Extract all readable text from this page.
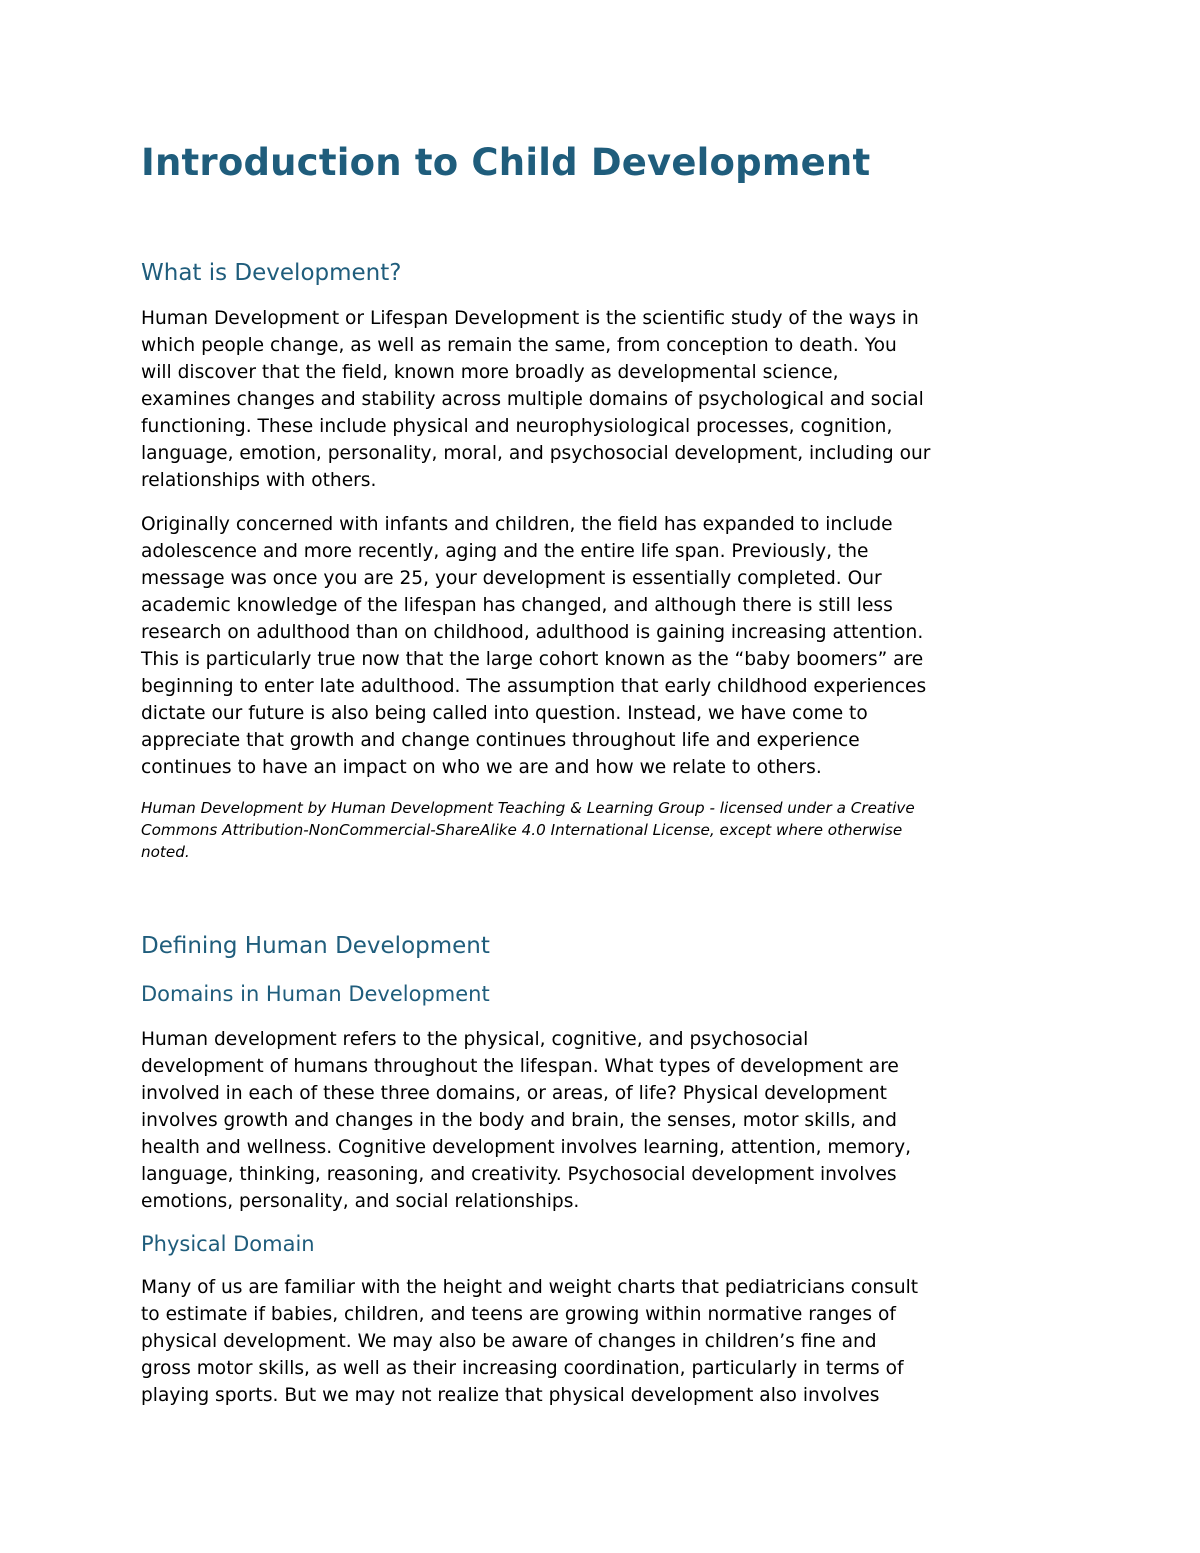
Introduction to Child Development
What is Development?
Human Development or Lifespan Development is the scientific study of the ways in
which people change, as well as remain the same, from conception to death. You
will discover that the field, known more broadly as developmental science,
examines changes and stability across multiple domains of psychological and social
functioning. These include physical and neurophysiological processes, cognition,
language, emotion, personality, moral, and psychosocial development, including our
relationships with others.
Originally concerned with infants and children, the field has expanded to include
adolescence and more recently, aging and the entire life span. Previously, the
message was once you are 25, your development is essentially completed. Our
academic knowledge of the lifespan has changed, and although there is still less
research on adulthood than on childhood, adulthood is gaining increasing attention.
This is particularly true now that the large cohort known as the “baby boomers” are
beginning to enter late adulthood. The assumption that early childhood experiences
dictate our future is also being called into question. Instead, we have come to
appreciate that growth and change continues throughout life and experience
continues to have an impact on who we are and how we relate to others.
Human Development by Human Development Teaching & Learning Group - licensed under a Creative
Commons Attribution-NonCommercial-ShareAlike 4.0 International License, except where otherwise
noted.
Defining Human Development
Domains in Human Development
Human development refers to the physical, cognitive, and psychosocial
development of humans throughout the lifespan. What types of development are
involved in each of these three domains, or areas, of life? Physical development
involves growth and changes in the body and brain, the senses, motor skills, and
health and wellness. Cognitive development involves learning, attention, memory,
language, thinking, reasoning, and creativity. Psychosocial development involves
emotions, personality, and social relationships.
Physical Domain
Many of us are familiar with the height and weight charts that pediatricians consult
to estimate if babies, children, and teens are growing within normative ranges of
physical development. We may also be aware of changes in children’s fine and
gross motor skills, as well as their increasing coordination, particularly in terms of
playing sports. But we may not realize that physical development also involves
